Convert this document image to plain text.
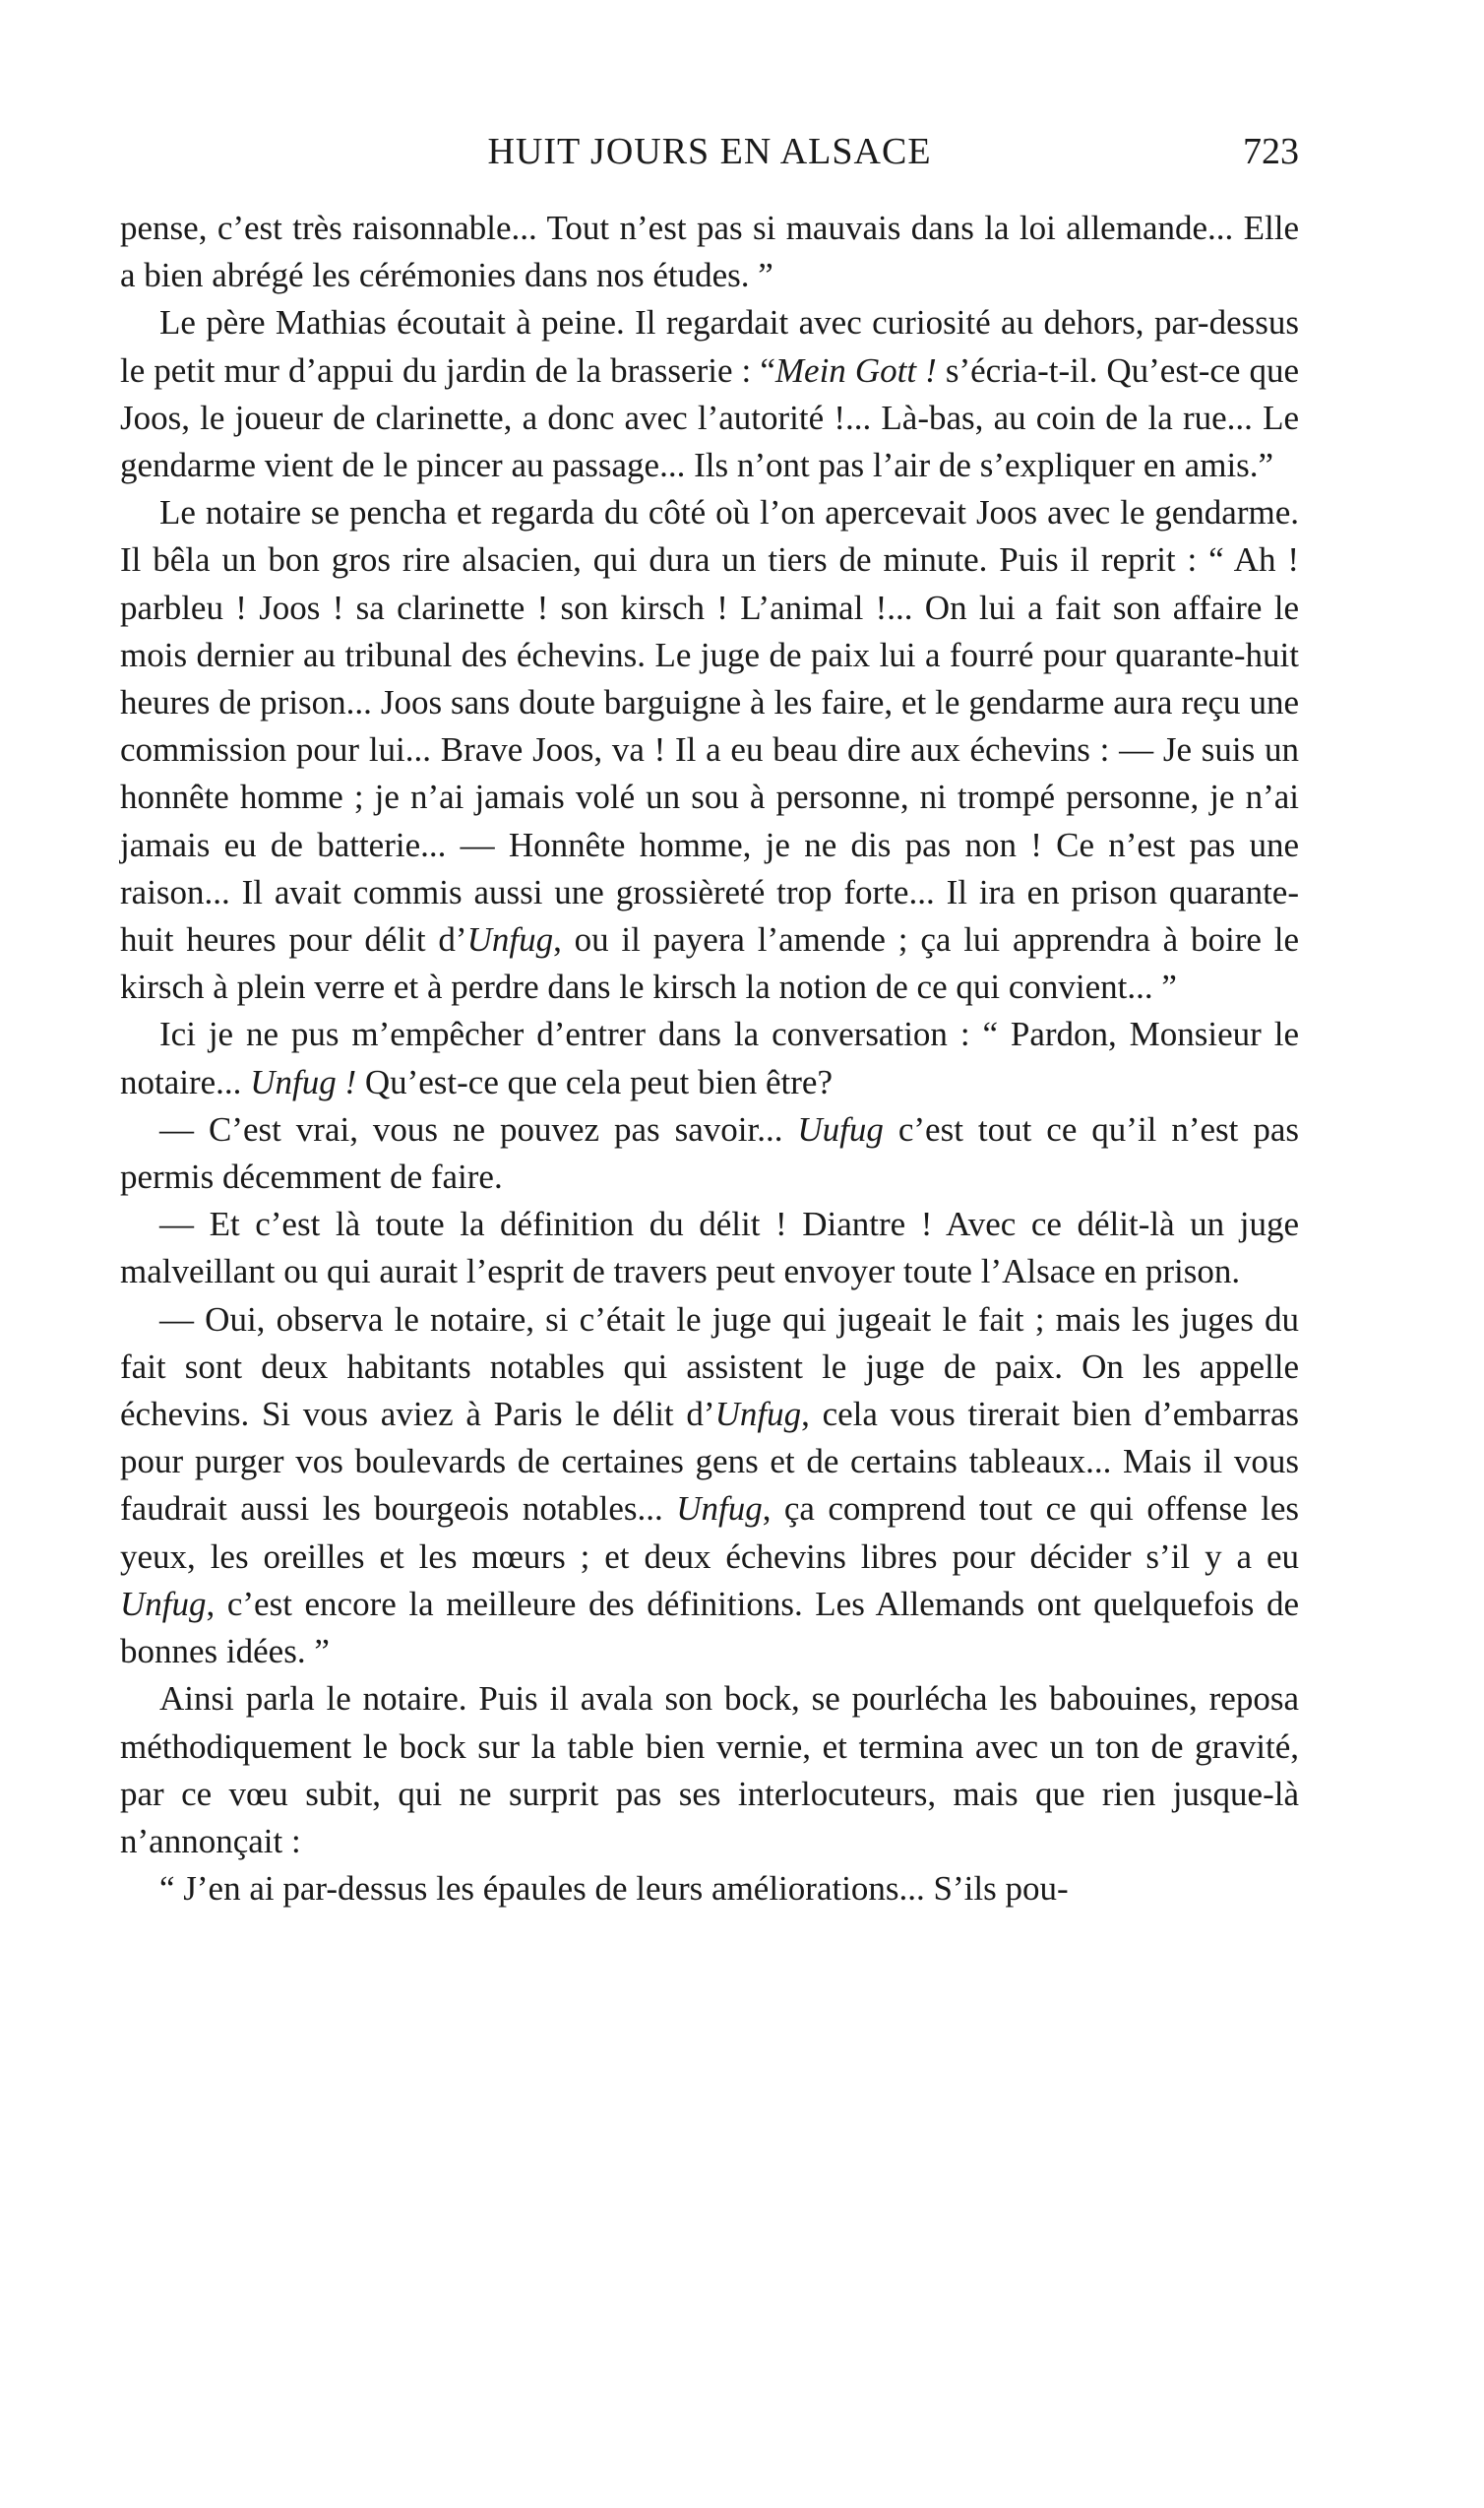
HUIT JOURS EN ALSACE	723

pense, c’est très raisonnable... Tout n’est pas si mauvais dans la loi allemande... Elle a bien abrégé les cérémonies dans nos études. ”

Le père Mathias écoutait à peine. Il regardait avec curiosité au dehors, par-dessus le petit mur d’appui du jardin de la brasserie : “Mein Gott ! s’écria-t-il. Qu’est-ce que Joos, le joueur de clarinette, a donc avec l’autorité !... Là-bas, au coin de la rue... Le gendarme vient de le pincer au passage... Ils n’ont pas l’air de s’expliquer en amis.”

Le notaire se pencha et regarda du côté où l’on apercevait Joos avec le gendarme. Il bêla un bon gros rire alsacien, qui dura un tiers de minute. Puis il reprit : “ Ah ! parbleu ! Joos ! sa clarinette ! son kirsch ! L’animal !... On lui a fait son affaire le mois dernier au tribunal des échevins. Le juge de paix lui a fourré pour quarante-huit heures de prison... Joos sans doute barguigne à les faire, et le gendarme aura reçu une commission pour lui... Brave Joos, va ! Il a eu beau dire aux échevins : — Je suis un honnête homme ; je n’ai jamais volé un sou à personne, ni trompé personne, je n’ai jamais eu de batterie... — Honnête homme, je ne dis pas non ! Ce n’est pas une raison... Il avait commis aussi une grossièreté trop forte... Il ira en prison quarante-huit heures pour délit d’Unfug, ou il payera l’amende ; ça lui apprendra à boire le kirsch à plein verre et à perdre dans le kirsch la notion de ce qui convient... ”

Ici je ne pus m’empêcher d’entrer dans la conversation : “ Pardon, Monsieur le notaire... Unfug ! Qu’est-ce que cela peut bien être?

— C’est vrai, vous ne pouvez pas savoir... Uufug c’est tout ce qu’il n’est pas permis décemment de faire.

— Et c’est là toute la définition du délit ! Diantre ! Avec ce délit-là un juge malveillant ou qui aurait l’esprit de travers peut envoyer toute l’Alsace en prison.

— Oui, observa le notaire, si c’était le juge qui jugeait le fait ; mais les juges du fait sont deux habitants notables qui assistent le juge de paix. On les appelle échevins. Si vous aviez à Paris le délit d’Unfug, cela vous tirerait bien d’embarras pour purger vos boulevards de certaines gens et de certains tableaux... Mais il vous faudrait aussi les bourgeois notables... Unfug, ça comprend tout ce qui offense les yeux, les oreilles et les mœurs ; et deux échevins libres pour décider s’il y a eu Unfug, c’est encore la meilleure des définitions. Les Allemands ont quelquefois de bonnes idées. ”

Ainsi parla le notaire. Puis il avala son bock, se pourlécha les babouines, reposa méthodiquement le bock sur la table bien vernie, et termina avec un ton de gravité, par ce vœu subit, qui ne surprit pas ses interlocuteurs, mais que rien jusque-là n’annonçait :

“ J’en ai par-dessus les épaules de leurs améliorations... S’ils pou-
